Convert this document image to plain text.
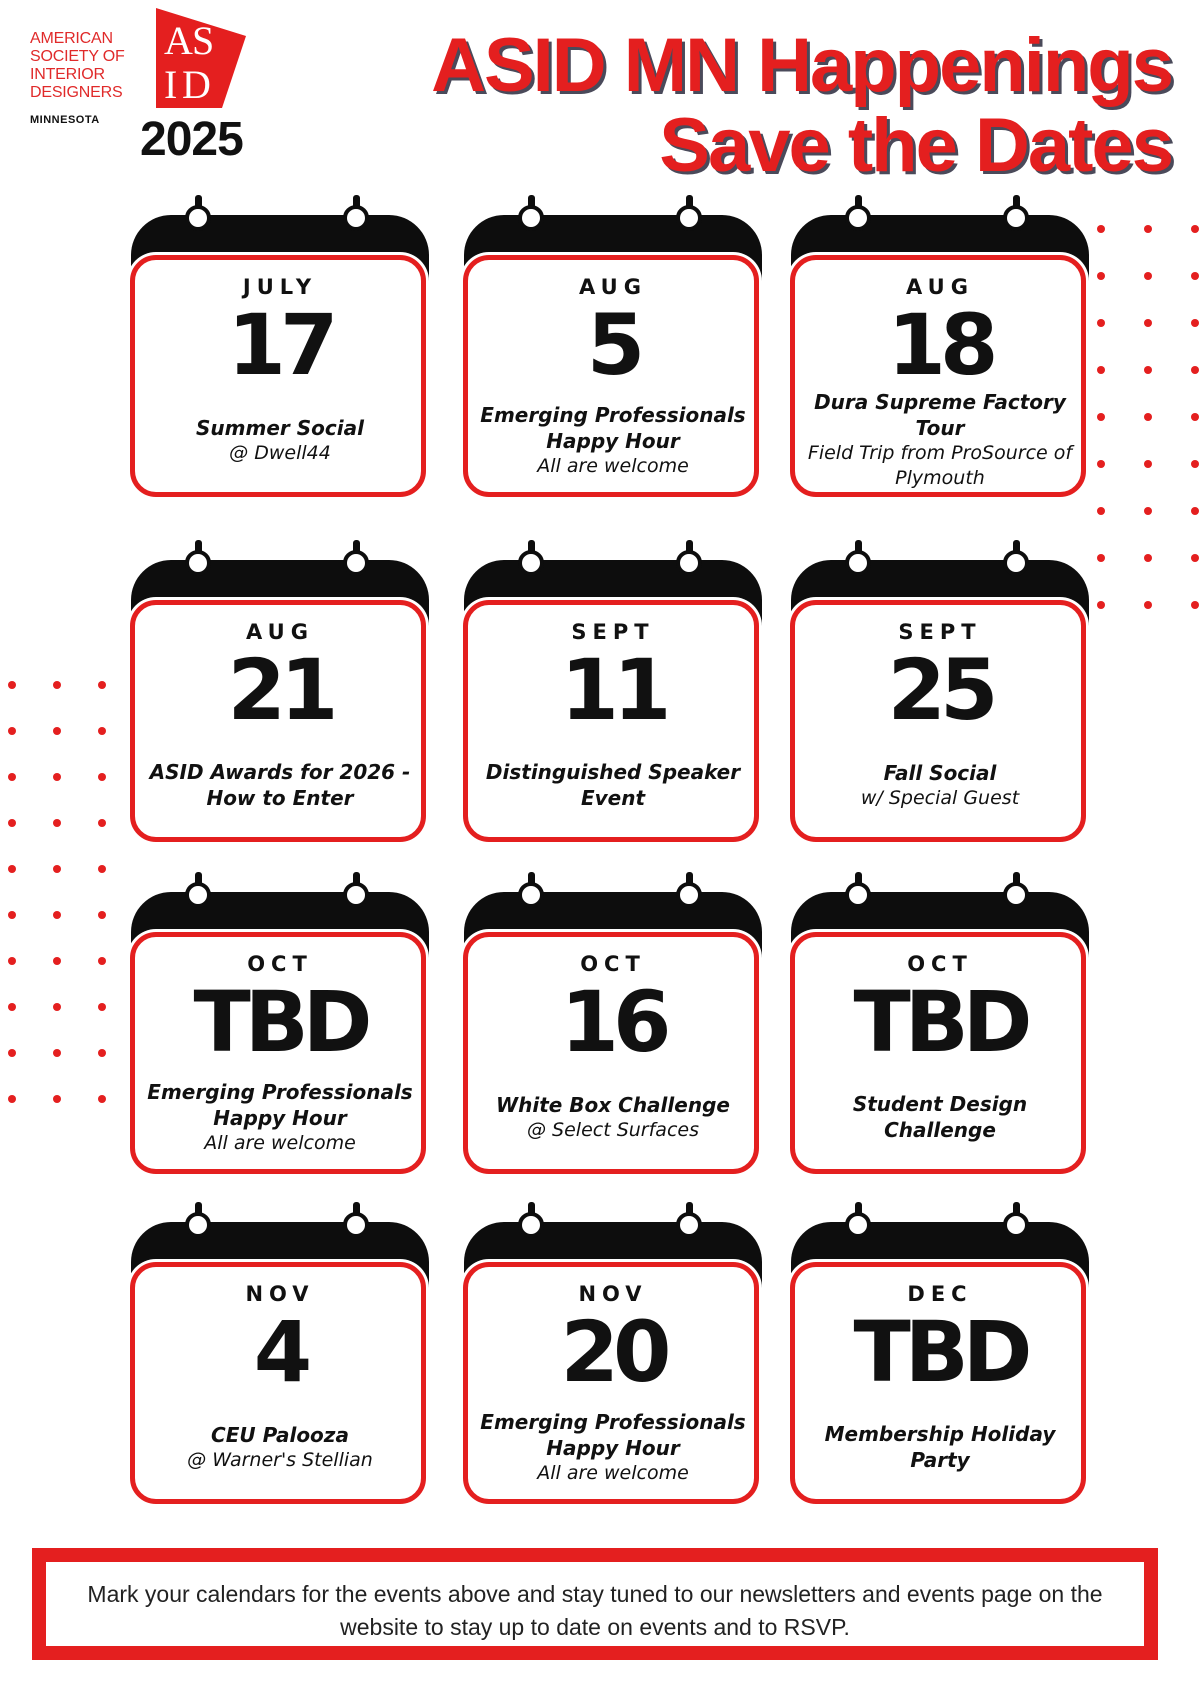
AMERICAN
SOCIETY OF
INTERIOR
DESIGNERS
A S
I D
MINNESOTA 2025
ASID MN Happenings
Save the Dates
JULY
17
Summer Social
@ Dwell44
AUG
5
Emerging Professionals Happy Hour
All are welcome
AUG
18
Dura Supreme Factory Tour
Field Trip from ProSource of Plymouth
AUG
21
ASID Awards for 2026 - How to Enter
SEPT
11
Distinguished Speaker Event
SEPT
25
Fall Social
w/ Special Guest
OCT
TBD
Emerging Professionals Happy Hour
All are welcome
OCT
16
White Box Challenge
@ Select Surfaces
OCT
TBD
Student Design Challenge
NOV
4
CEU Palooza
@ Warner's Stellian
NOV
20
Emerging Professionals Happy Hour
All are welcome
DEC
TBD
Membership Holiday Party
Mark your calendars for the events above and stay tuned to our newsletters and events page on the website to stay up to date on events and to RSVP.
